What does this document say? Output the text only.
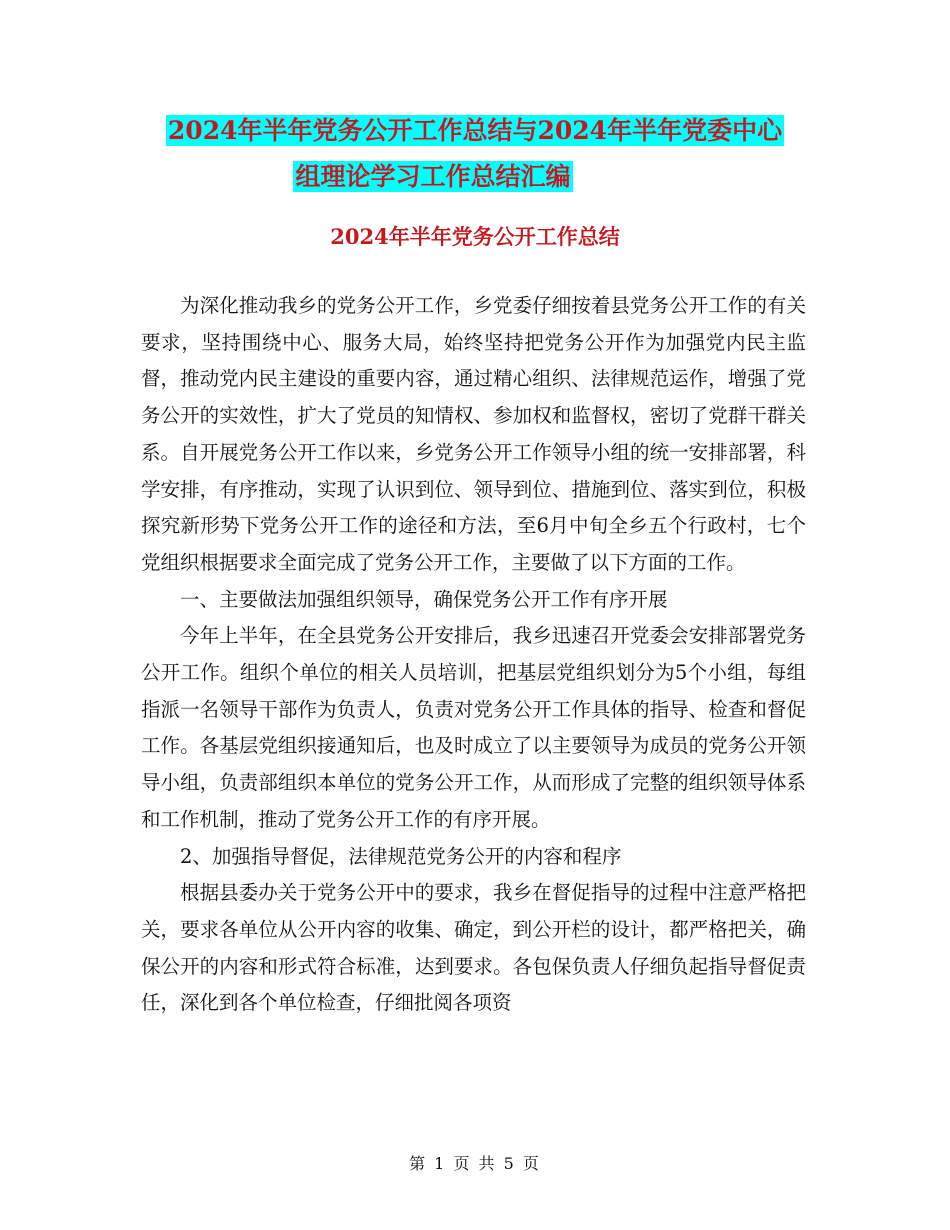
2024年半年党务公开工作总结与2024年半年党委中心
组理论学习工作总结汇编
2024年半年党务公开工作总结

为深化推动我乡的党务公开工作，乡党委仔细按着县党务公开工作的有关要求，坚持围绕中心、服务大局，始终坚持把党务公开作为加强党内民主监督，推动党内民主建设的重要内容，通过精心组织、法律规范运作，增强了党务公开的实效性，扩大了党员的知情权、参加权和监督权，密切了党群干群关系。自开展党务公开工作以来，乡党务公开工作领导小组的统一安排部署，科学安排，有序推动，实现了认识到位、领导到位、措施到位、落实到位，积极探究新形势下党务公开工作的途径和方法，至6月中旬全乡五个行政村，七个党组织根据要求全面完成了党务公开工作，主要做了以下方面的工作。

一、主要做法加强组织领导，确保党务公开工作有序开展

今年上半年，在全县党务公开安排后，我乡迅速召开党委会安排部署党务公开工作。组织个单位的相关人员培训，把基层党组织划分为5个小组，每组指派一名领导干部作为负责人，负责对党务公开工作具体的指导、检查和督促工作。各基层党组织接通知后，也及时成立了以主要领导为成员的党务公开领导小组，负责部组织本单位的党务公开工作，从而形成了完整的组织领导体系和工作机制，推动了党务公开工作的有序开展。

2、加强指导督促，法律规范党务公开的内容和程序

根据县委办关于党务公开中的要求，我乡在督促指导的过程中注意严格把关，要求各单位从公开内容的收集、确定，到公开栏的设计，都严格把关，确保公开的内容和形式符合标准，达到要求。各包保负责人仔细负起指导督促责任，深化到各个单位检查，仔细批阅各项资

第 1 页 共 5 页
